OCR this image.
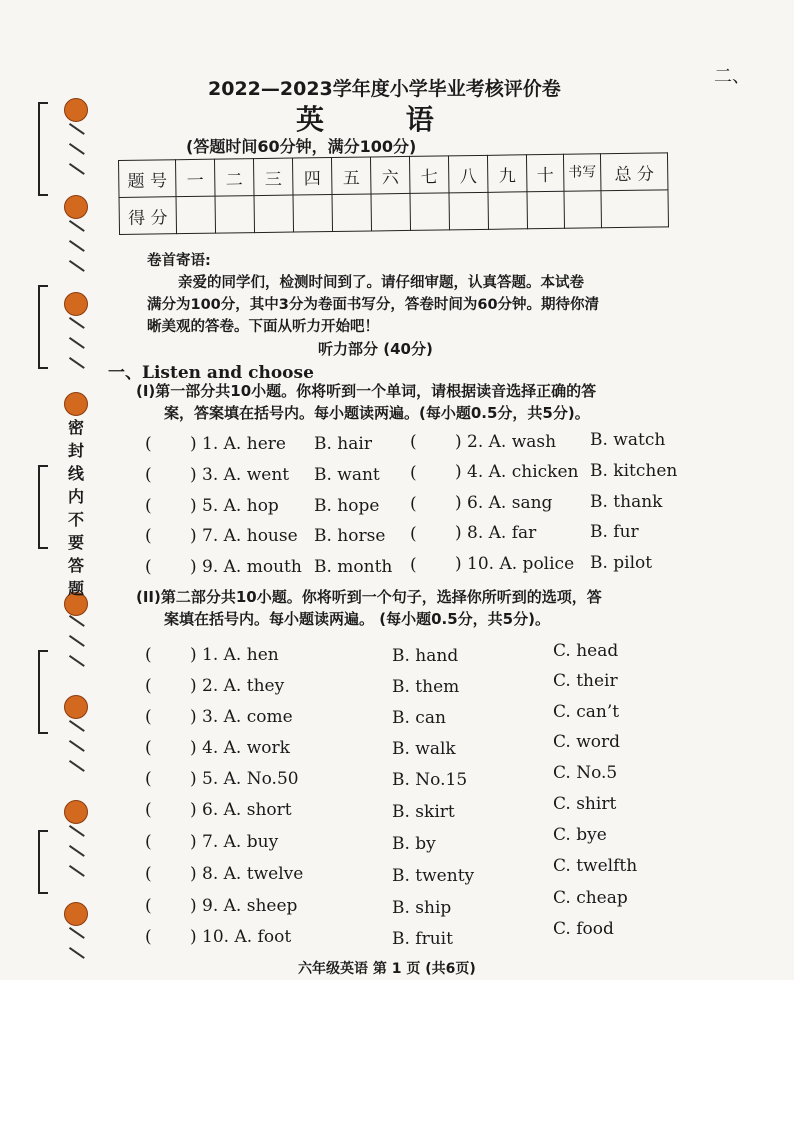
密
封
线
内
不
要
答
题
二、
2022—2023学年度小学毕业考核评价卷
英 语
(答题时间60分钟，满分100分)
题 号	一	二	三	四	五	六	七	八	九	十	书写	总 分
得 分												
卷首寄语:
亲爱的同学们，检测时间到了。请仔细审题，认真答题。本试卷
满分为100分，其中3分为卷面书写分，答卷时间为60分钟。期待你清
晰美观的答卷。下面从听力开始吧！
听力部分 (40分)
一、Listen and choose
(I)第一部分共10小题。你将听到一个单词，请根据读音选择正确的答
案，答案填在括号内。每小题读两遍。(每小题0.5分，共5分)。
( ) 1. A. here B. hair ( ) 2. A. wash B. watch
( ) 3. A. went B. want ( ) 4. A. chicken B. kitchen
( ) 5. A. hop B. hope ( ) 6. A. sang B. thank
( ) 7. A. house B. horse ( ) 8. A. far	B. fur
( ) 9. A. mouth B. month ( ) 10. A. police B. pilot
(II)第二部分共10小题。你将听到一个句子，选择你所听到的选项，答
案填在括号内。每小题读两遍。 (每小题0.5分，共5分)。
( ) 1. A. hen	B. hand	C. head
( ) 2. A. they	B. them	C. their
( ) 3. A. come	B. can	C. can’t
( ) 4. A. work	B. walk	C. word
( ) 5. A. No.50	B. No.15	C. No.5
( ) 6. A. short	B. skirt	C. shirt
( ) 7. A. buy	B. by	C. bye
( ) 8. A. twelve	B. twenty	C. twelfth
( ) 9. A. sheep	B. ship	C. cheap
( ) 10. A. foot	B. fruit	C. food
六年级英语 第 1 页 (共6页)
